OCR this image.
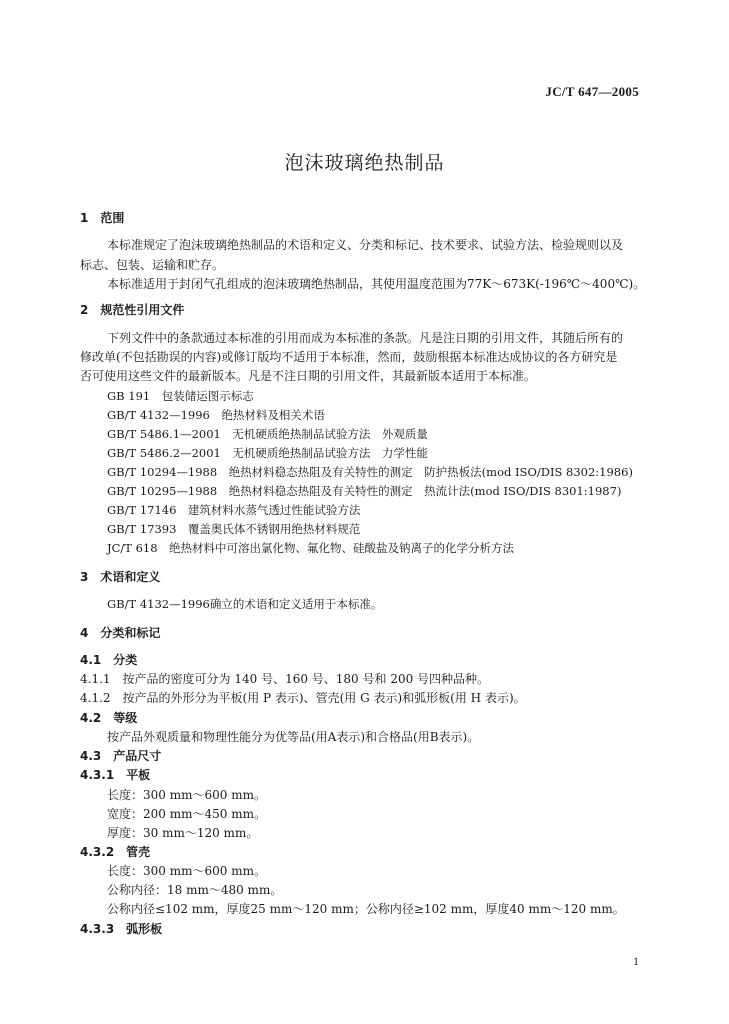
JC/T 647—2005
泡沫玻璃绝热制品
1　范围
本标准规定了泡沫玻璃绝热制品的术语和定义、分类和标记、技术要求、试验方法、检验规则以及
标志、包装、运输和贮存。
本标准适用于封闭气孔组成的泡沫玻璃绝热制品，其使用温度范围为77K～673K(-196℃～400℃)。
2　规范性引用文件
下列文件中的条款通过本标准的引用而成为本标准的条款。凡是注日期的引用文件，其随后所有的
修改单(不包括勘误的内容)或修订版均不适用于本标准，然而，鼓励根据本标准达成协议的各方研究是
否可使用这些文件的最新版本。凡是不注日期的引用文件，其最新版本适用于本标准。
GB 191　包装储运图示标志
GB/T 4132—1996　绝热材料及相关术语
GB/T 5486.1—2001　无机硬质绝热制品试验方法　外观质量
GB/T 5486.2—2001　无机硬质绝热制品试验方法　力学性能
GB/T 10294—1988　绝热材料稳态热阻及有关特性的测定　防护热板法(mod ISO/DIS 8302:1986)
GB/T 10295—1988　绝热材料稳态热阻及有关特性的测定　热流计法(mod ISO/DIS 8301:1987)
GB/T 17146　建筑材料水蒸气透过性能试验方法
GB/T 17393　覆盖奥氏体不锈钢用绝热材料规范
JC/T 618　绝热材料中可溶出氯化物、氟化物、硅酸盐及钠离子的化学分析方法
3　术语和定义
GB/T 4132—1996确立的术语和定义适用于本标准。
4　分类和标记
4.1　分类
4.1.1　按产品的密度可分为 140 号、160 号、180 号和 200 号四种品种。
4.1.2　按产品的外形分为平板(用 P 表示)、管壳(用 G 表示)和弧形板(用 H 表示)。
4.2　等级
按产品外观质量和物理性能分为优等品(用A表示)和合格品(用B表示)。
4.3　产品尺寸
4.3.1　平板
长度：300 mm～600 mm。
宽度：200 mm～450 mm。
厚度：30 mm～120 mm。
4.3.2　管壳
长度：300 mm～600 mm。
公称内径：18 mm～480 mm。
公称内径≤102 mm，厚度25 mm～120 mm；公称内径≥102 mm，厚度40 mm～120 mm。
4.3.3　弧形板
1
